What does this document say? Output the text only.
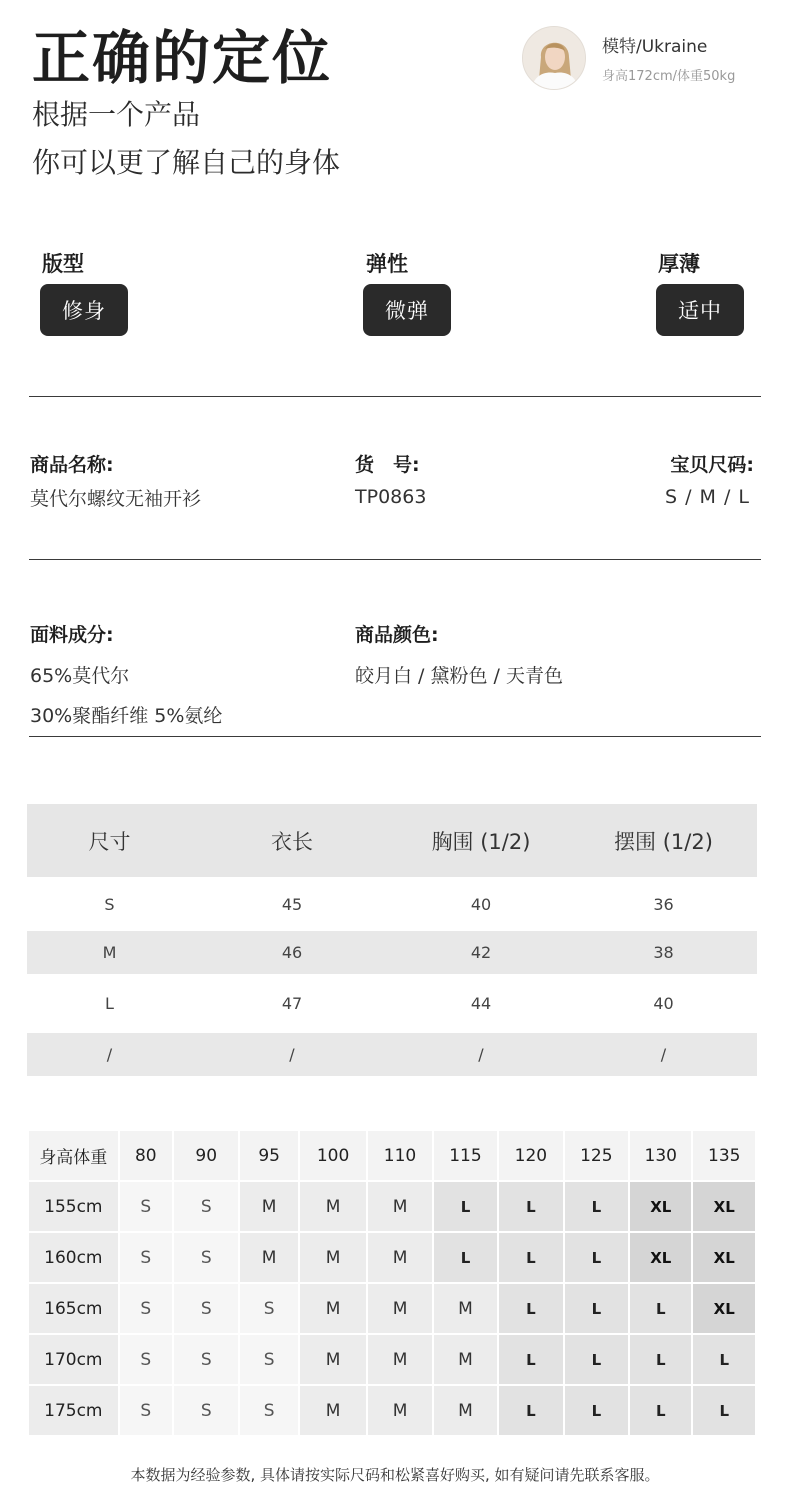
正确的定位
根据一个产品
你可以更了解自己的身体
模特/Ukraine
身高172cm/体重50kg
版型
修身
弹性
微弹
厚薄
适中
商品名称:
莫代尔螺纹无袖开衫
货　号:
TP0863
宝贝尺码:
S / M / L
面料成分:
65%莫代尔
30%聚酯纤维 5%氨纶
商品颜色:
皎月白 / 黛粉色 / 天青色
尺寸	衣长	胸围 (1/2)	摆围 (1/2)
S	45	40	36
M	46	42	38
L	47	44	40
/	/	/	/
身高体重	80	90	95	100	110	115	120	125	130	135
155cm	S	S	M	M	M	L	L	L	XL	XL
160cm	S	S	M	M	M	L	L	L	XL	XL
165cm	S	S	S	M	M	M	L	L	L	XL
170cm	S	S	S	M	M	M	L	L	L	L
175cm	S	S	S	M	M	M	L	L	L	L
本数据为经验参数, 具体请按实际尺码和松紧喜好购买, 如有疑问请先联系客服。
